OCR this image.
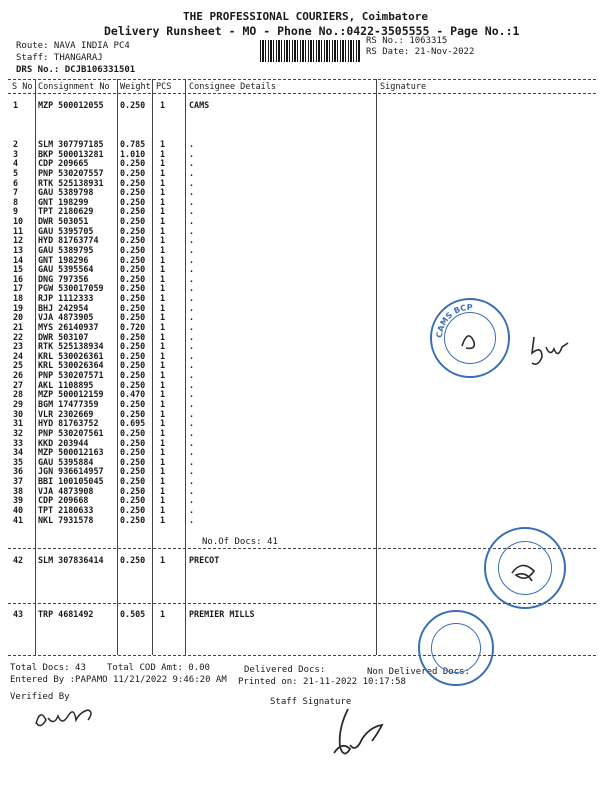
THE PROFESSIONAL COURIERS, Coimbatore
Delivery Runsheet - MO - Phone No.:0422-3505555 - Page No.:1
Route: NAVA INDIA PC4
Staff: THANGARAJ
DRS No.: DCJB106331501
RS No.: 1063315
RS Date: 21-Nov-2022
S No Consignment No Weight PCS Consignee Details	Signature
1 MZP 500012055 0.250 1	CAMS
2 SLM 307797185 0.785 1	.
3 BKP 500013281 1.010 1	.
4 CDP 209665	0.250 1	.
5 PNP 530207557 0.250 1	.
6 RTK 525138931 0.250 1	.
7 GAU 5389798	0.250 1	.
8 GNT 198299	0.250 1	.
9 TPT 2180629	0.250 1	.
10 DWR 503051	0.250 1	.
11 GAU 5395705	0.250 1	.
12 HYD 81763774	0.250 1	.
13 GAU 5389795	0.250 1	.
14 GNT 198296	0.250 1	.
15 GAU 5395564	0.250 1	.
16 DNG 797356	0.250 1	.
17 PGW 530017059 0.250 1	.
18 RJP 1112333	0.250 1	.
19 BHJ 242954	0.250 1	.
20 VJA 4873905	0.250 1	.
21 MYS 26140937	0.720 1	.
22 DWR 503107	0.250 1	.
23 RTK 525138934 0.250 1	.
24 KRL 530026361 0.250 1	.
25 KRL 530026364 0.250 1	.
26 PNP 530207571 0.250 1	.
27 AKL 1108895	0.250 1	.
28 MZP 500012159 0.470 1	.
29 BGM 17477359	0.250 1	.
30 VLR 2302669	0.250 1	.
31 HYD 81763752	0.695 1	.
32 PNP 530207561 0.250 1	.
33 KKD 203944	0.250 1	.
34 MZP 500012163 0.250 1	.
35 GAU 5395884	0.250 1	.
36 JGN 936614957 0.250 1	.
37 BBI 100105045 0.250 1	.
38 VJA 4873908	0.250 1	.
39 CDP 209668	0.250 1	.
40 TPT 2180633	0.250 1	.
41 NKL 7931578	0.250 1	.
42 SLM 307836414 0.250 1	PRECOT
43 TRP 4681492	0.505 1	PREMIER MILLS
No.Of Docs: 41
Total Docs: 43 Total COD Amt: 0.00	Delivered Docs:	Non Delivered Docs:
Entered By :PAPAMO 11/21/2022 9:46:20 AM Printed on: 21-11-2022 10:17:58
Verified By	Staff Signature
CAMS BCP
